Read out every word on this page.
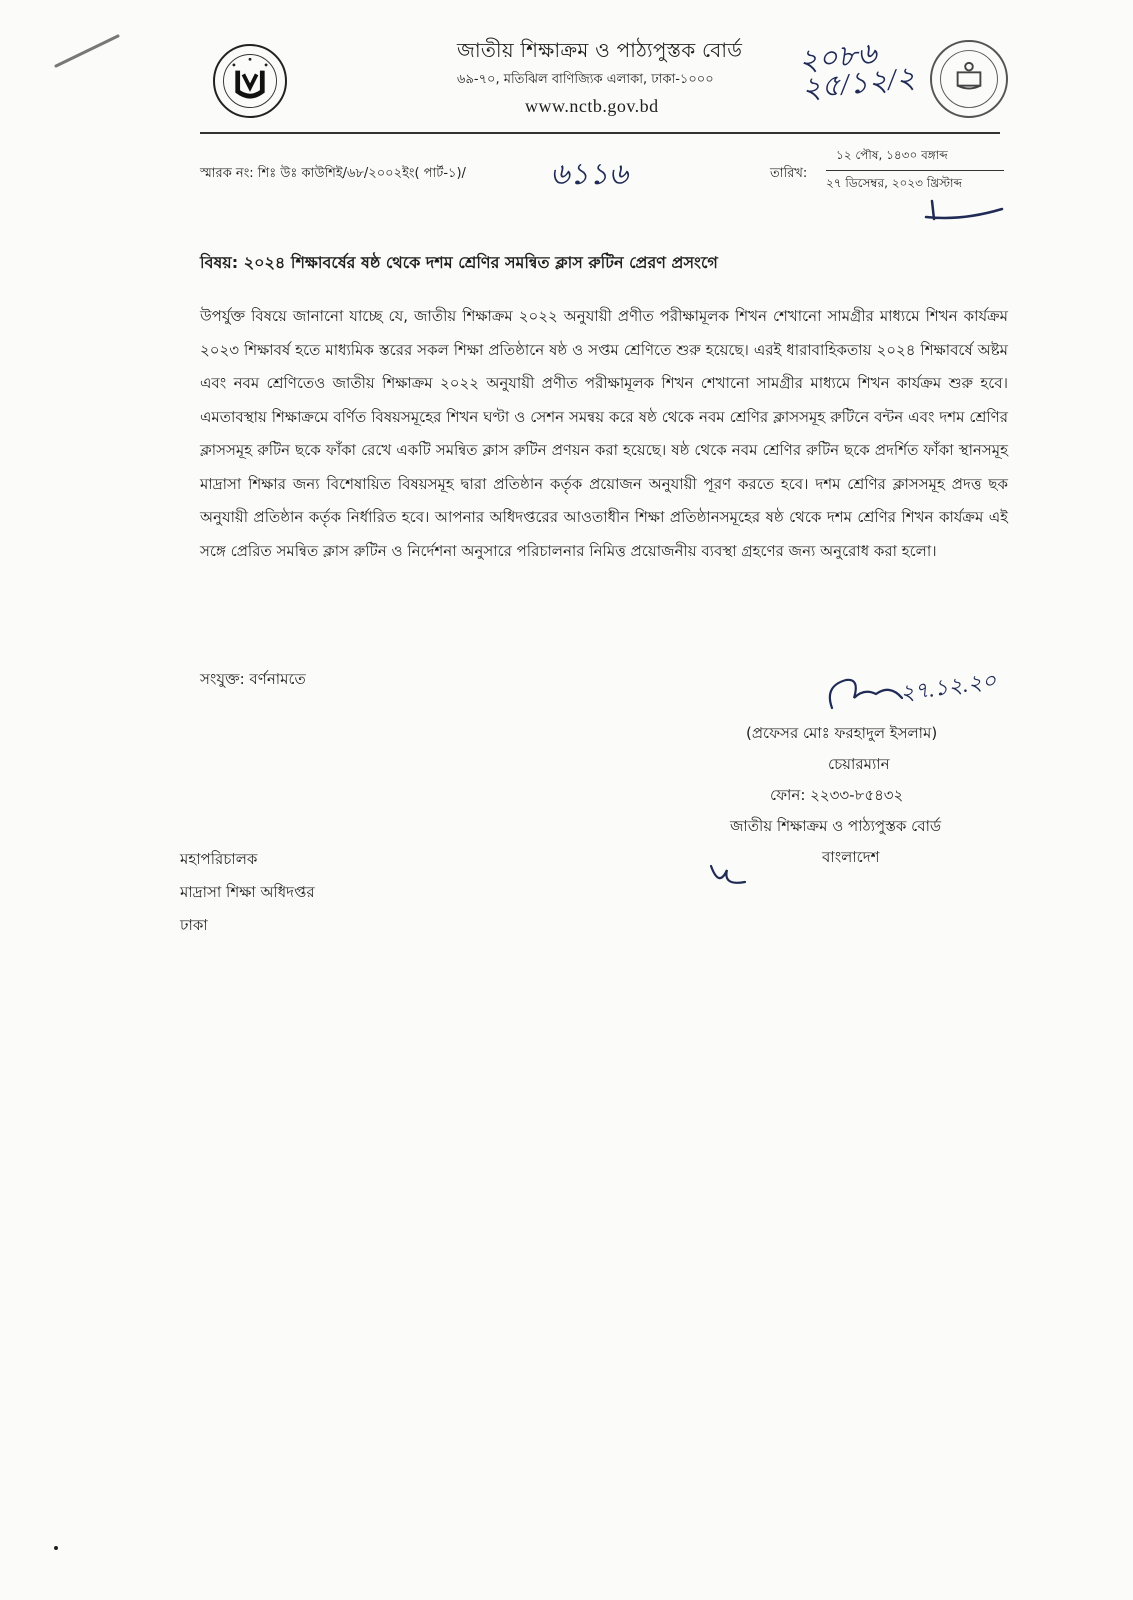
জাতীয় শিক্ষাক্রম ও পাঠ্যপুস্তক বোর্ড
৬৯-৭০, মতিঝিল বাণিজ্যিক এলাকা, ঢাকা-১০০০
www.nctb.gov.bd
২০৮৬
২৫/১২/২
স্মারক নং: শিঃ উঃ কাউশিই/৬৮/২০০২ইং( পার্ট-১)/	৬১১৬	তারিখ:
১২ পৌষ, ১৪৩০ বঙ্গাব্দ
২৭ ডিসেম্বর, ২০২৩ খ্রিস্টাব্দ
বিষয়: ২০২৪ শিক্ষাবর্ষের ষষ্ঠ থেকে দশম শ্রেণির সমন্বিত ক্লাস রুটিন প্রেরণ প্রসংগে
উপর্যুক্ত বিষয়ে জানানো যাচ্ছে যে, জাতীয় শিক্ষাক্রম ২০২২ অনুযায়ী প্রণীত পরীক্ষামূলক শিখন শেখানো সামগ্রীর মাধ্যমে শিখন কার্যক্রম ২০২৩ শিক্ষাবর্ষ হতে মাধ্যমিক স্তরের সকল শিক্ষা প্রতিষ্ঠানে ষষ্ঠ ও সপ্তম শ্রেণিতে শুরু হয়েছে। এরই ধারাবাহিকতায় ২০২৪ শিক্ষাবর্ষে অষ্টম এবং নবম শ্রেণিতেও জাতীয় শিক্ষাক্রম ২০২২ অনুযায়ী প্রণীত পরীক্ষামূলক শিখন শেখানো সামগ্রীর মাধ্যমে শিখন কার্যক্রম শুরু হবে। এমতাবস্থায় শিক্ষাক্রমে বর্ণিত বিষয়সমূহের শিখন ঘণ্টা ও সেশন সমন্বয় করে ষষ্ঠ থেকে নবম শ্রেণির ক্লাসসমূহ রুটিনে বন্টন এবং দশম শ্রেণির ক্লাসসমূহ রুটিন ছকে ফাঁকা রেখে একটি সমন্বিত ক্লাস রুটিন প্রণয়ন করা হয়েছে। ষষ্ঠ থেকে নবম শ্রেণির রুটিন ছকে প্রদর্শিত ফাঁকা স্থানসমূহ মাদ্রাসা শিক্ষার জন্য বিশেষায়িত বিষয়সমূহ দ্বারা প্রতিষ্ঠান কর্তৃক প্রয়োজন অনুযায়ী পূরণ করতে হবে। দশম শ্রেণির ক্লাসসমূহ প্রদত্ত ছক অনুযায়ী প্রতিষ্ঠান কর্তৃক নির্ধারিত হবে। আপনার অধিদপ্তরের আওতাধীন শিক্ষা প্রতিষ্ঠানসমূহের ষষ্ঠ থেকে দশম শ্রেণির শিখন কার্যক্রম এই সঙ্গে প্রেরিত সমন্বিত ক্লাস রুটিন ও নির্দেশনা অনুসারে পরিচালনার নিমিত্ত প্রয়োজনীয় ব্যবস্থা গ্রহণের জন্য অনুরোধ করা হলো।
সংযুক্ত: বর্ণনামতে	২৭.১২.২০
(প্রফেসর মোঃ ফরহাদুল ইসলাম)
চেয়ারম্যান
ফোন: ২২৩৩-৮৫৪৩২
জাতীয় শিক্ষাক্রম ও পাঠ্যপুস্তক বোর্ড
বাংলাদেশ
মহাপরিচালক
মাদ্রাসা শিক্ষা অধিদপ্তর
ঢাকা
